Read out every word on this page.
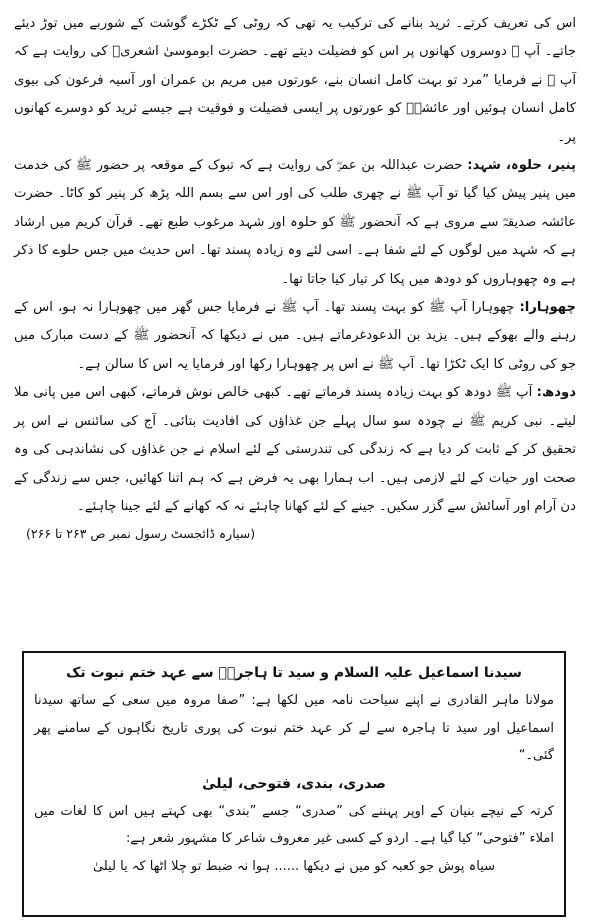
اس کی تعریف کرتے۔ ثرید بنانے کی ترکیب یہ تھی کہ روٹی کے ٹکڑے گوشت کے شوربے میں توڑ دیئے جاتے۔ آپ ﷺ دوسروں کھانوں پر اس کو فضیلت دیتے تھے۔ حضرت ابوموسیٰ اشعریؓ کی روایت ہے کہ آپ ﷺ نے فرمایا ”مرد تو بہت کامل انسان بنے، عورتوں میں مریم بن عمران اور آسیہ فرعون کی بیوی کامل انسان ہوئیں اور عائشہؓ کو عورتوں پر ایسی فضیلت و فوقیت ہے جیسے ثرید کو دوسرے کھانوں پر۔

پنیر، حلوہ، شہد: حضرت عبداللہ بن عمرؓ کی روایت ہے کہ تبوک کے موقعہ پر حضور ﷺ کی خدمت میں پنیر پیش کیا گیا تو آپ ﷺ نے چھری طلب کی اور اس سے بسم اللہ پڑھ کر پنیر کو کاٹا۔ حضرت عائشہ صدیقہؓ سے مروی ہے کہ آنحضور ﷺ کو حلوہ اور شہد مرغوب طبع تھے۔ قرآن کریم میں ارشاد ہے کہ شہد میں لوگوں کے لئے شفا ہے۔ اسی لئے وہ زیادہ پسند تھا۔ اس حدیث میں جس حلوے کا ذکر ہے وہ چھوہاروں کو دودھ میں پکا کر تیار کیا جاتا تھا۔

چھوہارا: چھوہارا آپ ﷺ کو بہت پسند تھا۔ آپ ﷺ نے فرمایا جس گھر میں چھوہارا نہ ہو، اس کے رہنے والے بھوکے ہیں۔ یزید بن الدعودغرماتے ہیں۔ میں نے دیکھا کہ آنحضور ﷺ کے دست مبارک میں جو کی روٹی کا ایک ٹکڑا تھا۔ آپ ﷺ نے اس پر چھوہارا رکھا اور فرمایا یہ اس کا سالن ہے۔

دودھ: آپ ﷺ دودھ کو بہت زیادہ پسند فرماتے تھے۔ کبھی خالص نوش فرماتے، کبھی اس میں پانی ملا لیتے۔ نبی کریم ﷺ نے چودہ سو سال پہلے جن غذاؤں کی افادیت بتائی۔ آج کی سائنس نے اس پر تحقیق کر کے ثابت کر دیا ہے کہ زندگی کی تندرستی کے لئے اسلام نے جن غذاؤں کی نشاندہی کی وہ صحت اور حیات کے لئے لازمی ہیں۔ اب ہمارا بھی یہ فرض ہے کہ ہم اتنا کھائیں، جس سے زندگی کے دن آرام اور آسائش سے گزر سکیں۔ جینے کے لئے کھانا چاہئے نہ کہ کھانے کے لئے جینا چاہئے۔

(سیارہ ڈائجسٹ رسول نمبر ص ۲۶۳ تا ۲۶۶)

سیدنا اسماعیل علیہ السلام و سید تا ہاجرہؓ سے عہد ختم نبوت تک

مولانا ماہر القادری نے اپنے سیاحت نامہ میں لکھا ہے: ”صفا مروہ میں سعی کے ساتھ سیدنا اسماعیل اور سید تا ہاجرہ سے لے کر عہد ختم نبوت کی پوری تاریخ نگاہوں کے سامنے پھر گئی۔“

صدری، بندی، فتوحی، لیلیٰ

کرتہ کے نیچے بنیان کے اوپر پہننے کی ”صدری“ جسے ”بندی“ بھی کہتے ہیں اس کا لغات میں املاء ”فتوحی“ کیا گیا ہے۔ اردو کے کسی غیر معروف شاعر کا مشہور شعر ہے:

سیاہ پوش جو کعبہ کو میں نے دیکھا ...... ہوا نہ ضبط تو چلا اٹھا کہ یا لیلیٰ
